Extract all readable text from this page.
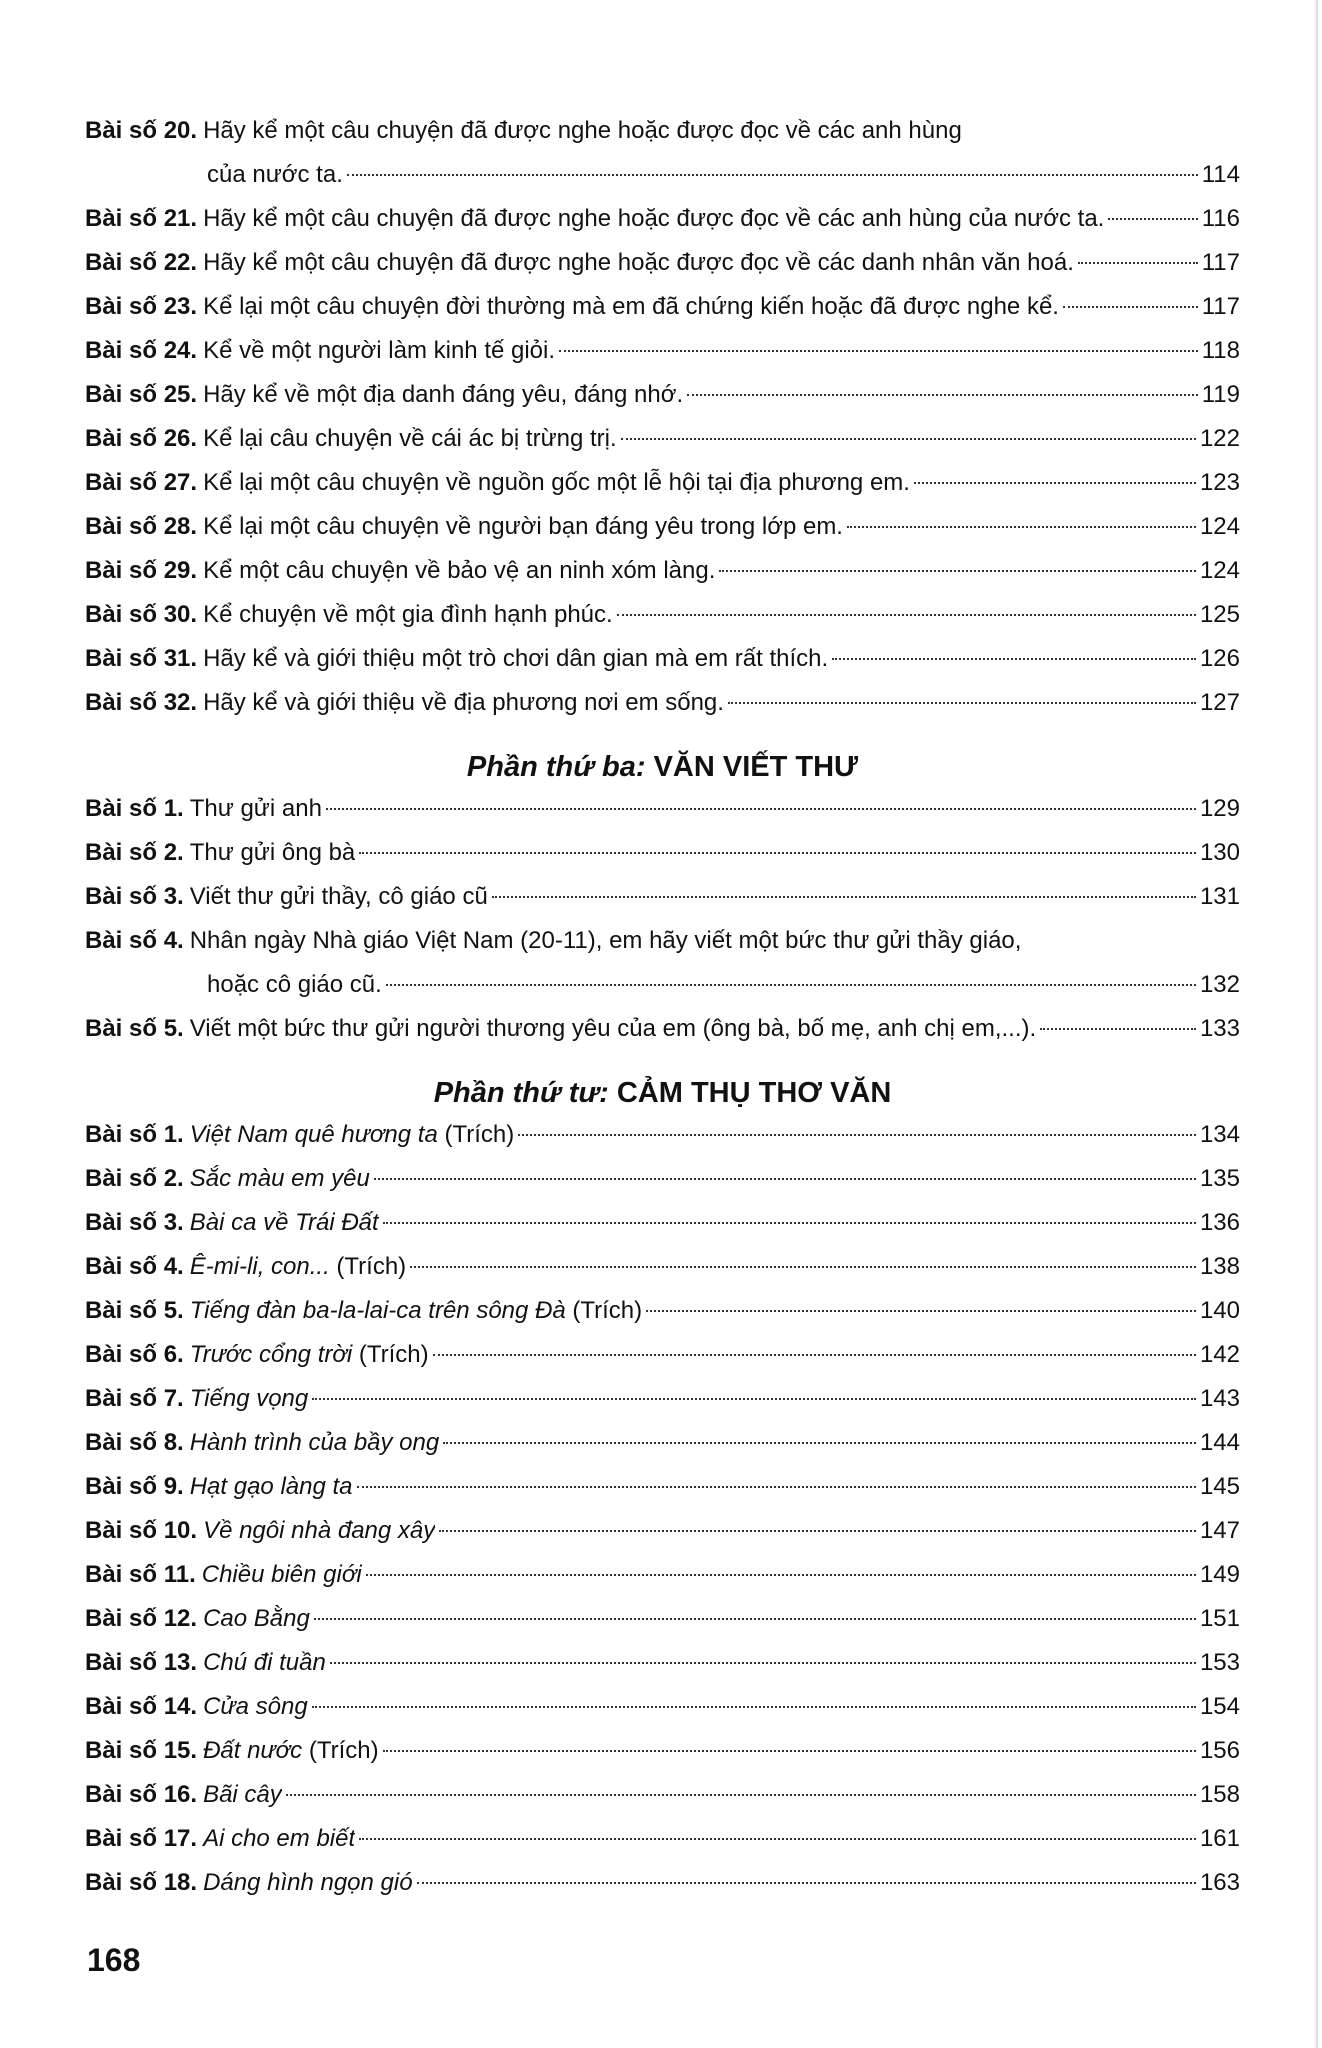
Bài số 20. Hãy kể một câu chuyện đã được nghe hoặc được đọc về các anh hùng
của nước ta.	114
Bài số 21. Hãy kể một câu chuyện đã được nghe hoặc được đọc về các anh hùng của nước ta.	116
Bài số 22. Hãy kể một câu chuyện đã được nghe hoặc được đọc về các danh nhân văn hoá.	117
Bài số 23. Kể lại một câu chuyện đời thường mà em đã chứng kiến hoặc đã được nghe kể.	117
Bài số 24. Kể về một người làm kinh tế giỏi.	118
Bài số 25. Hãy kể về một địa danh đáng yêu, đáng nhớ.	119
Bài số 26. Kể lại câu chuyện về cái ác bị trừng trị.	122
Bài số 27. Kể lại một câu chuyện về nguồn gốc một lễ hội tại địa phương em.	123
Bài số 28. Kể lại một câu chuyện về người bạn đáng yêu trong lớp em.	124
Bài số 29. Kể một câu chuyện về bảo vệ an ninh xóm làng.	124
Bài số 30. Kể chuyện về một gia đình hạnh phúc.	125
Bài số 31. Hãy kể và giới thiệu một trò chơi dân gian mà em rất thích.	126
Bài số 32. Hãy kể và giới thiệu về địa phương nơi em sống.	127
Phần thứ ba: VĂN VIẾT THƯ
Bài số 1. Thư gửi anh	129
Bài số 2. Thư gửi ông bà	130
Bài số 3. Viết thư gửi thầy, cô giáo cũ	131
Bài số 4. Nhân ngày Nhà giáo Việt Nam (20-11), em hãy viết một bức thư gửi thầy giáo,
hoặc cô giáo cũ.	132
Bài số 5. Viết một bức thư gửi người thương yêu của em (ông bà, bố mẹ, anh chị em,...).	133
Phần thứ tư: CẢM THỤ THƠ VĂN
Bài số 1. Việt Nam quê hương ta (Trích)	134
Bài số 2. Sắc màu em yêu	135
Bài số 3. Bài ca về Trái Đất	136
Bài số 4. Ê-mi-li, con... (Trích)	138
Bài số 5. Tiếng đàn ba-la-lai-ca trên sông Đà (Trích)	140
Bài số 6. Trước cổng trời (Trích)	142
Bài số 7. Tiếng vọng	143
Bài số 8. Hành trình của bầy ong	144
Bài số 9. Hạt gạo làng ta	145
Bài số 10. Về ngôi nhà đang xây	147
Bài số 11. Chiều biên giới	149
Bài số 12. Cao Bằng	151
Bài số 13. Chú đi tuần	153
Bài số 14. Cửa sông	154
Bài số 15. Đất nước (Trích)	156
Bài số 16. Bãi cây	158
Bài số 17. Ai cho em biết	161
Bài số 18. Dáng hình ngọn gió	163
168
